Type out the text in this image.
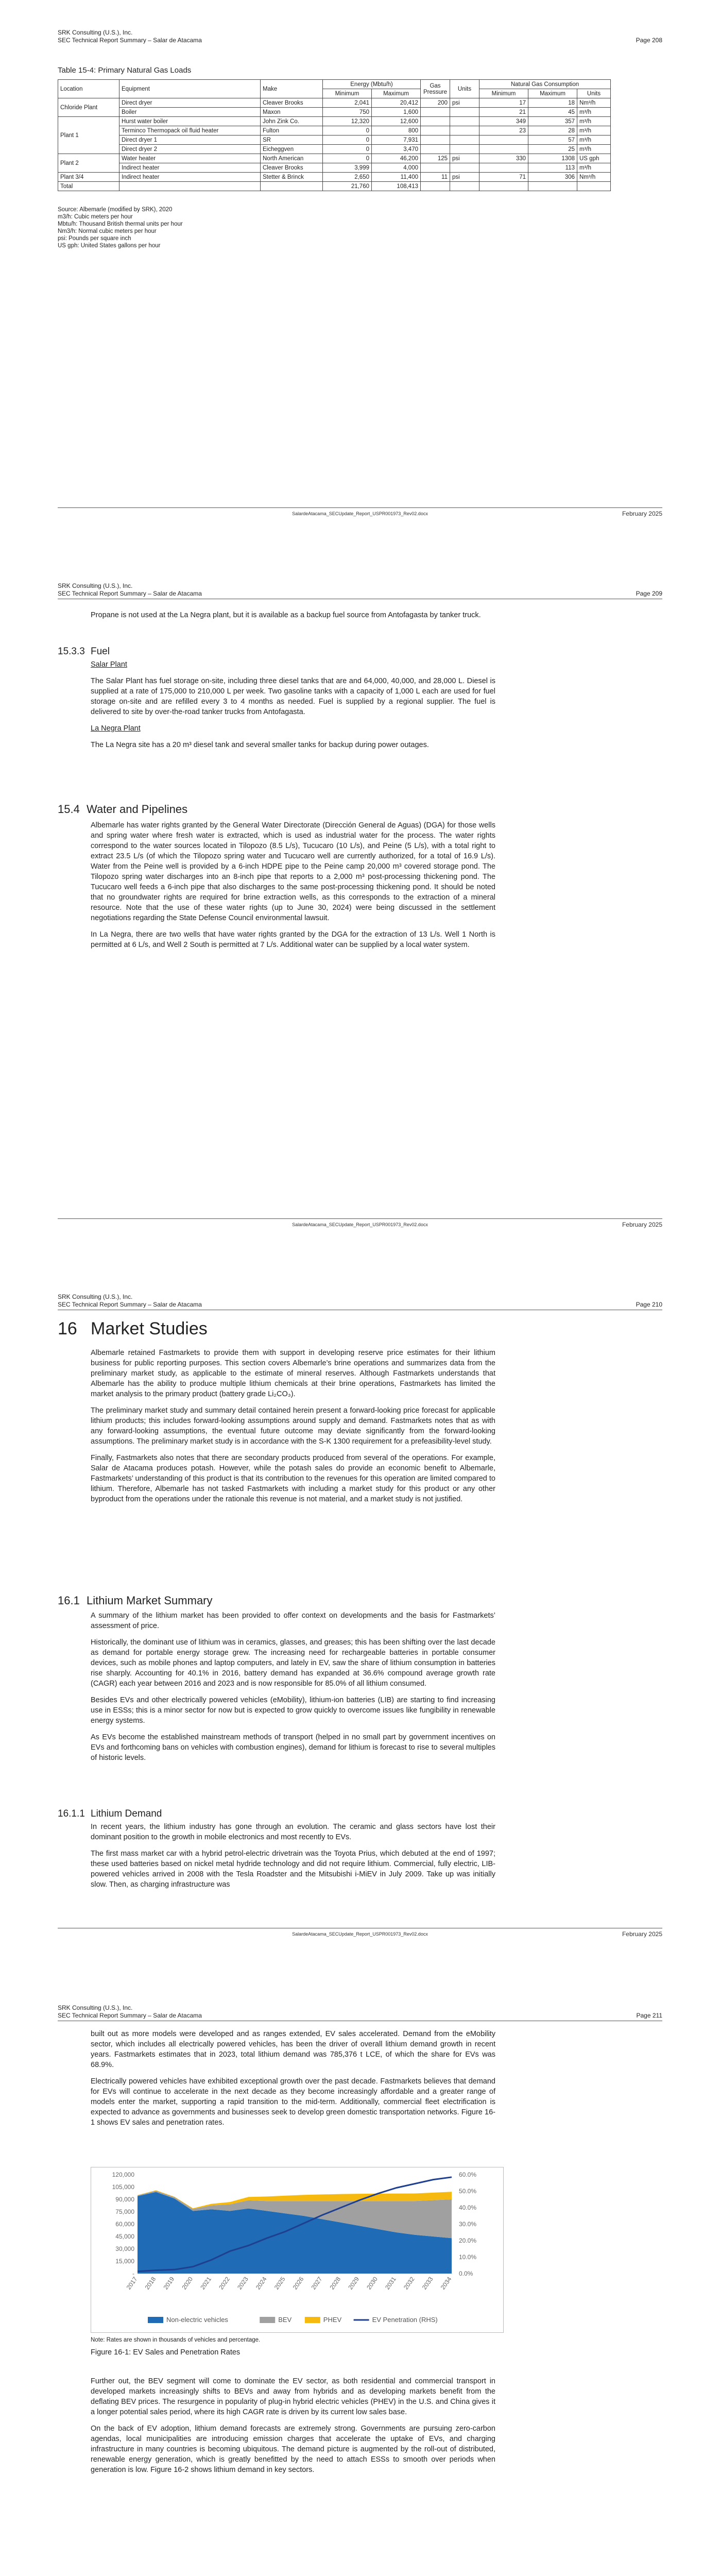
SRK Consulting (U.S.), Inc.
SEC Technical Report Summary – Salar de Atacama	Page 208
Table 15-4: Primary Natural Gas Loads
Location	Equipment	Make	Energy (Mbtu/h)		Gas Pressure	Units	Natural Gas Consumption		
			Minimum	Maximum			Minimum	Maximum	Units
Chloride Plant	Direct dryer	Cleaver Brooks	2,041	20,412	200	psi	17	18	Nm³/h
	Boiler	Maxon	750	1,600			21	45	m³/h
Plant 1	Hurst water boiler	John Zink Co.	12,320	12,600			349	357	m³/h
	Terminco Thermopack oil fluid heater	Fulton	0	800			23	28	m³/h
	Direct dryer 1	SR	0	7,931				57	m³/h
	Direct dryer 2	Eicheggven	0	3,470				25	m³/h
Plant 2	Water heater	North American	0	46,200	125	psi	330	1308	US gph
	Indirect heater	Cleaver Brooks	3,999	4,000				113	m³/h
Plant 3/4	Indirect heater	Stetter & Brinck	2,650	11,400	11	psi	71	306	Nm³/h
Total			21,760	108,413					
Source: Albemarle (modified by SRK), 2020
m3/h: Cubic meters per hour
Mbtu/h: Thousand British thermal units per hour
Nm3/h: Normal cubic meters per hour
psi: Pounds per square inch
US gph: United States gallons per hour
SalardeAtacama_SECUpdate_Report_USPR001973_Rev02.docx	February 2025
SRK Consulting (U.S.), Inc.
SEC Technical Report Summary – Salar de Atacama	Page 209

Propane is not used at the La Negra plant, but it is available as a backup fuel source from Antofagasta by tanker truck.

15.3.3 Fuel

Salar Plant

The Salar Plant has fuel storage on-site, including three diesel tanks that are and 64,000, 40,000, and 28,000 L. Diesel is supplied at a rate of 175,000 to 210,000 L per week. Two gasoline tanks with a capacity of 1,000 L each are used for fuel storage on-site and are refilled every 3 to 4 months as needed. Fuel is supplied by a regional supplier. The fuel is delivered to site by over-the-road tanker trucks from Antofagasta.

La Negra Plant

The La Negra site has a 20 m³ diesel tank and several smaller tanks for backup during power outages.

15.4 Water and Pipelines

Albemarle has water rights granted by the General Water Directorate (Dirección General de Aguas) (DGA) for those wells and spring water where fresh water is extracted, which is used as industrial water for the process. The water rights correspond to the water sources located in Tilopozo (8.5 L/s), Tucucaro (10 L/s), and Peine (5 L/s), with a total right to extract 23.5 L/s (of which the Tilopozo spring water and Tucucaro well are currently authorized, for a total of 16.9 L/s). Water from the Peine well is provided by a 6-inch HDPE pipe to the Peine camp 20,000 m³ covered storage pond. The Tilopozo spring water discharges into an 8-inch pipe that reports to a 2,000 m³ post-processing thickening pond. The Tucucaro well feeds a 6-inch pipe that also discharges to the same post-processing thickening pond. It should be noted that no groundwater rights are required for brine extraction wells, as this corresponds to the extraction of a mineral resource. Note that the use of these water rights (up to June 30, 2024) were being discussed in the settlement negotiations regarding the State Defense Council environmental lawsuit.

In La Negra, there are two wells that have water rights granted by the DGA for the extraction of 13 L/s. Well 1 North is permitted at 6 L/s, and Well 2 South is permitted at 7 L/s. Additional water can be supplied by a local water system.

SalardeAtacama_SECUpdate_Report_USPR001973_Rev02.docx	February 2025
SRK Consulting (U.S.), Inc.
SEC Technical Report Summary – Salar de Atacama	Page 210
16 Market Studies

Albemarle retained Fastmarkets to provide them with support in developing reserve price estimates for their lithium business for public reporting purposes. This section covers Albemarle’s brine operations and summarizes data from the preliminary market study, as applicable to the estimate of mineral reserves. Although Fastmarkets understands that Albemarle has the ability to produce multiple lithium chemicals at their brine operations, Fastmarkets has limited the market analysis to the primary product (battery grade Li₂CO₃).

The preliminary market study and summary detail contained herein present a forward-looking price forecast for applicable lithium products; this includes forward-looking assumptions around supply and demand. Fastmarkets notes that as with any forward-looking assumptions, the eventual future outcome may deviate significantly from the forward-looking assumptions. The preliminary market study is in accordance with the S-K 1300 requirement for a prefeasibility-level study.

Finally, Fastmarkets also notes that there are secondary products produced from several of the operations. For example, Salar de Atacama produces potash. However, while the potash sales do provide an economic benefit to Albemarle, Fastmarkets’ understanding of this product is that its contribution to the revenues for this operation are limited compared to lithium. Therefore, Albemarle has not tasked Fastmarkets with including a market study for this product or any other byproduct from the operations under the rationale this revenue is not material, and a market study is not justified.

16.1 Lithium Market Summary

A summary of the lithium market has been provided to offer context on developments and the basis for Fastmarkets’ assessment of price.

Historically, the dominant use of lithium was in ceramics, glasses, and greases; this has been shifting over the last decade as demand for portable energy storage grew. The increasing need for rechargeable batteries in portable consumer devices, such as mobile phones and laptop computers, and lately in EV, saw the share of lithium consumption in batteries rise sharply. Accounting for 40.1% in 2016, battery demand has expanded at 36.6% compound average growth rate (CAGR) each year between 2016 and 2023 and is now responsible for 85.0% of all lithium consumed.

Besides EVs and other electrically powered vehicles (eMobility), lithium-ion batteries (LIB) are starting to find increasing use in ESSs; this is a minor sector for now but is expected to grow quickly to overcome issues like fungibility in renewable energy systems.

As EVs become the established mainstream methods of transport (helped in no small part by government incentives on EVs and forthcoming bans on vehicles with combustion engines), demand for lithium is forecast to rise to several multiples of historic levels.

16.1.1 Lithium Demand

In recent years, the lithium industry has gone through an evolution. The ceramic and glass sectors have lost their dominant position to the growth in mobile electronics and most recently to EVs.

The first mass market car with a hybrid petrol-electric drivetrain was the Toyota Prius, which debuted at the end of 1997; these used batteries based on nickel metal hydride technology and did not require lithium. Commercial, fully electric, LIB-powered vehicles arrived in 2008 with the Tesla Roadster and the Mitsubishi i-MiEV in July 2009. Take up was initially slow. Then, as charging infrastructure was

SalardeAtacama_SECUpdate_Report_USPR001973_Rev02.docx	February 2025
SRK Consulting (U.S.), Inc.
SEC Technical Report Summary – Salar de Atacama	Page 211

built out as more models were developed and as ranges extended, EV sales accelerated. Demand from the eMobility sector, which includes all electrically powered vehicles, has been the driver of overall lithium demand growth in recent years. Fastmarkets estimates that in 2023, total lithium demand was 785,376 t LCE, of which the share for EVs was 68.9%.

Electrically powered vehicles have exhibited exceptional growth over the past decade. Fastmarkets believes that demand for EVs will continue to accelerate in the next decade as they become increasingly affordable and a greater range of models enter the market, supporting a rapid transition to the mid-term. Additionally, commercial fleet electrification is expected to advance as governments and businesses seek to develop green domestic transportation networks. Figure 16-1 shows EV sales and penetration rates.

120,000
105,000
90,000
75,000
60,000
45,000
30,000
15,000
-
60.0%
50.0%
40.0%
30.0%
20.0%
10.0%
0.0%
2017 2018 2019 2020 2021 2022 2023 2024 2025 2026 2027 2028 2029 2030 2031 2032 2033 2034
Non-electric vehicles	BEV	PHEV	EV Penetration (RHS)
Note: Rates are shown in thousands of vehicles and percentage.
Figure 16-1: EV Sales and Penetration Rates

Further out, the BEV segment will come to dominate the EV sector, as both residential and commercial transport in developed markets increasingly shifts to BEVs and away from hybrids and as developing markets benefit from the deflating BEV prices. The resurgence in popularity of plug-in hybrid electric vehicles (PHEV) in the U.S. and China gives it a longer potential sales period, where its high CAGR rate is driven by its current low sales base.

On the back of EV adoption, lithium demand forecasts are extremely strong. Governments are pursuing zero-carbon agendas, local municipalities are introducing emission charges that accelerate the uptake of EVs, and charging infrastructure in many countries is becoming ubiquitous. The demand picture is augmented by the roll-out of distributed, renewable energy generation, which is greatly benefitted by the need to attach ESSs to smooth over periods when generation is low. Figure 16-2 shows lithium demand in key sectors.
